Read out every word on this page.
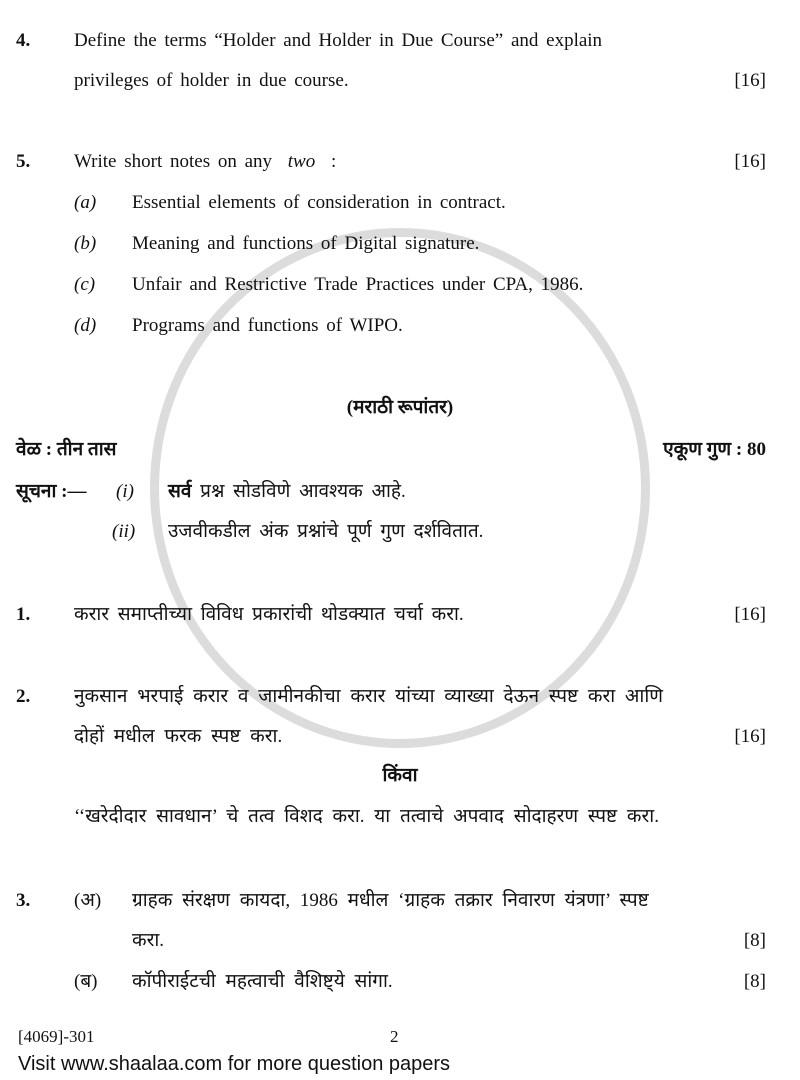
4. Define the terms “Holder and Holder in Due Course” and explain
privileges of holder in due course.	[16]
5. Write short notes on any two :	[16]
(a) Essential elements of consideration in contract.
(b) Meaning and functions of Digital signature.
(c) Unfair and Restrictive Trade Practices under CPA, 1986.
(d) Programs and functions of WIPO.
(मराठी रूपांतर)
वेळ : तीन तास	एकूण गुण : 80
सूचना :— (i) सर्व प्रश्न सोडविणे आवश्यक आहे.
(ii) उजवीकडील अंक प्रश्नांचे पूर्ण गुण दर्शवितात.
1. करार समाप्तीच्या विविध प्रकारांची थोडक्यात चर्चा करा.	[16]
2. नुकसान भरपाई करार व जामीनकीचा करार यांच्या व्याख्या देऊन स्पष्ट करा आणि
दोहों मधील फरक स्पष्ट करा.	[16]
किंवा
‘‘खरेदीदार सावधान’ चे तत्व विशद करा. या तत्वाचे अपवाद सोदाहरण स्पष्ट करा.
3. (अ) ग्राहक संरक्षण कायदा, 1986 मधील ‘ग्राहक तक्रार निवारण यंत्रणा’ स्पष्ट
करा.	[8]
(ब) कॉपीराईटची महत्वाची वैशिष्ट्ये सांगा.	[8]
[4069]-301	2
Visit www.shaalaa.com for more question papers
